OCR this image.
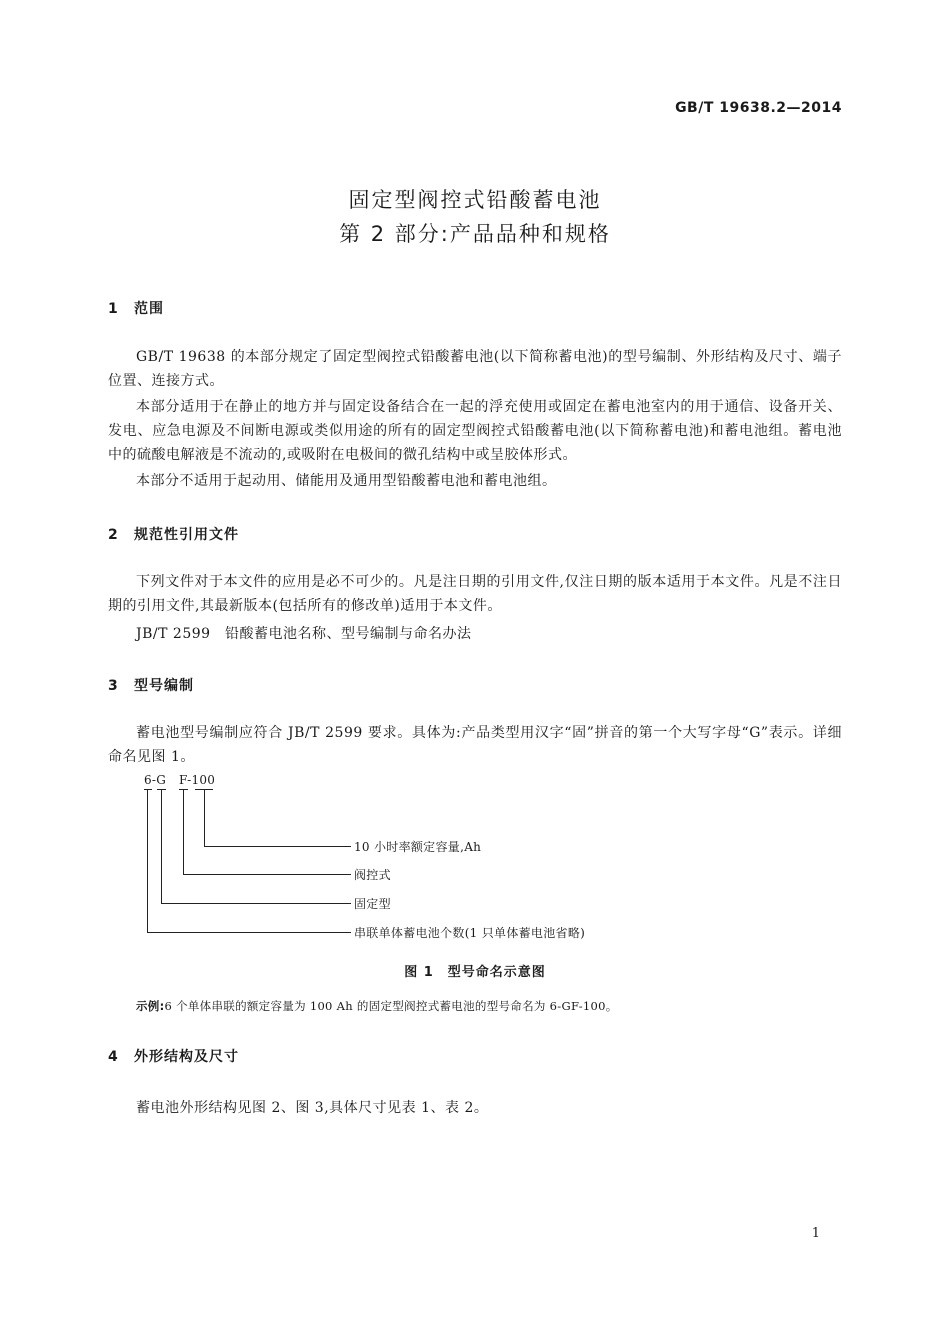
GB/T 19638.2—2014
固定型阀控式铅酸蓄电池
第 2 部分:产品品种和规格
1 范围
GB/T 19638 的本部分规定了固定型阀控式铅酸蓄电池(以下简称蓄电池)的型号编制、外形结构及尺寸、端子位置、连接方式。
本部分适用于在静止的地方并与固定设备结合在一起的浮充使用或固定在蓄电池室内的用于通信、设备开关、发电、应急电源及不间断电源或类似用途的所有的固定型阀控式铅酸蓄电池(以下简称蓄电池)和蓄电池组。蓄电池中的硫酸电解液是不流动的,或吸附在电极间的微孔结构中或呈胶体形式。
本部分不适用于起动用、储能用及通用型铅酸蓄电池和蓄电池组。
2 规范性引用文件
下列文件对于本文件的应用是必不可少的。凡是注日期的引用文件,仅注日期的版本适用于本文件。凡是不注日期的引用文件,其最新版本(包括所有的修改单)适用于本文件。
JB/T 2599　铅酸蓄电池名称、型号编制与命名办法
3 型号编制
蓄电池型号编制应符合 JB/T 2599 要求。具体为:产品类型用汉字“固”拼音的第一个大写字母“G”表示。详细命名见图 1。
6-G F-100
10 小时率额定容量,Ah
阀控式
固定型
串联单体蓄电池个数(1 只单体蓄电池省略)
图 1　型号命名示意图
示例:6 个单体串联的额定容量为 100 Ah 的固定型阀控式蓄电池的型号命名为 6-GF-100。
4 外形结构及尺寸
蓄电池外形结构见图 2、图 3,具体尺寸见表 1、表 2。
1
